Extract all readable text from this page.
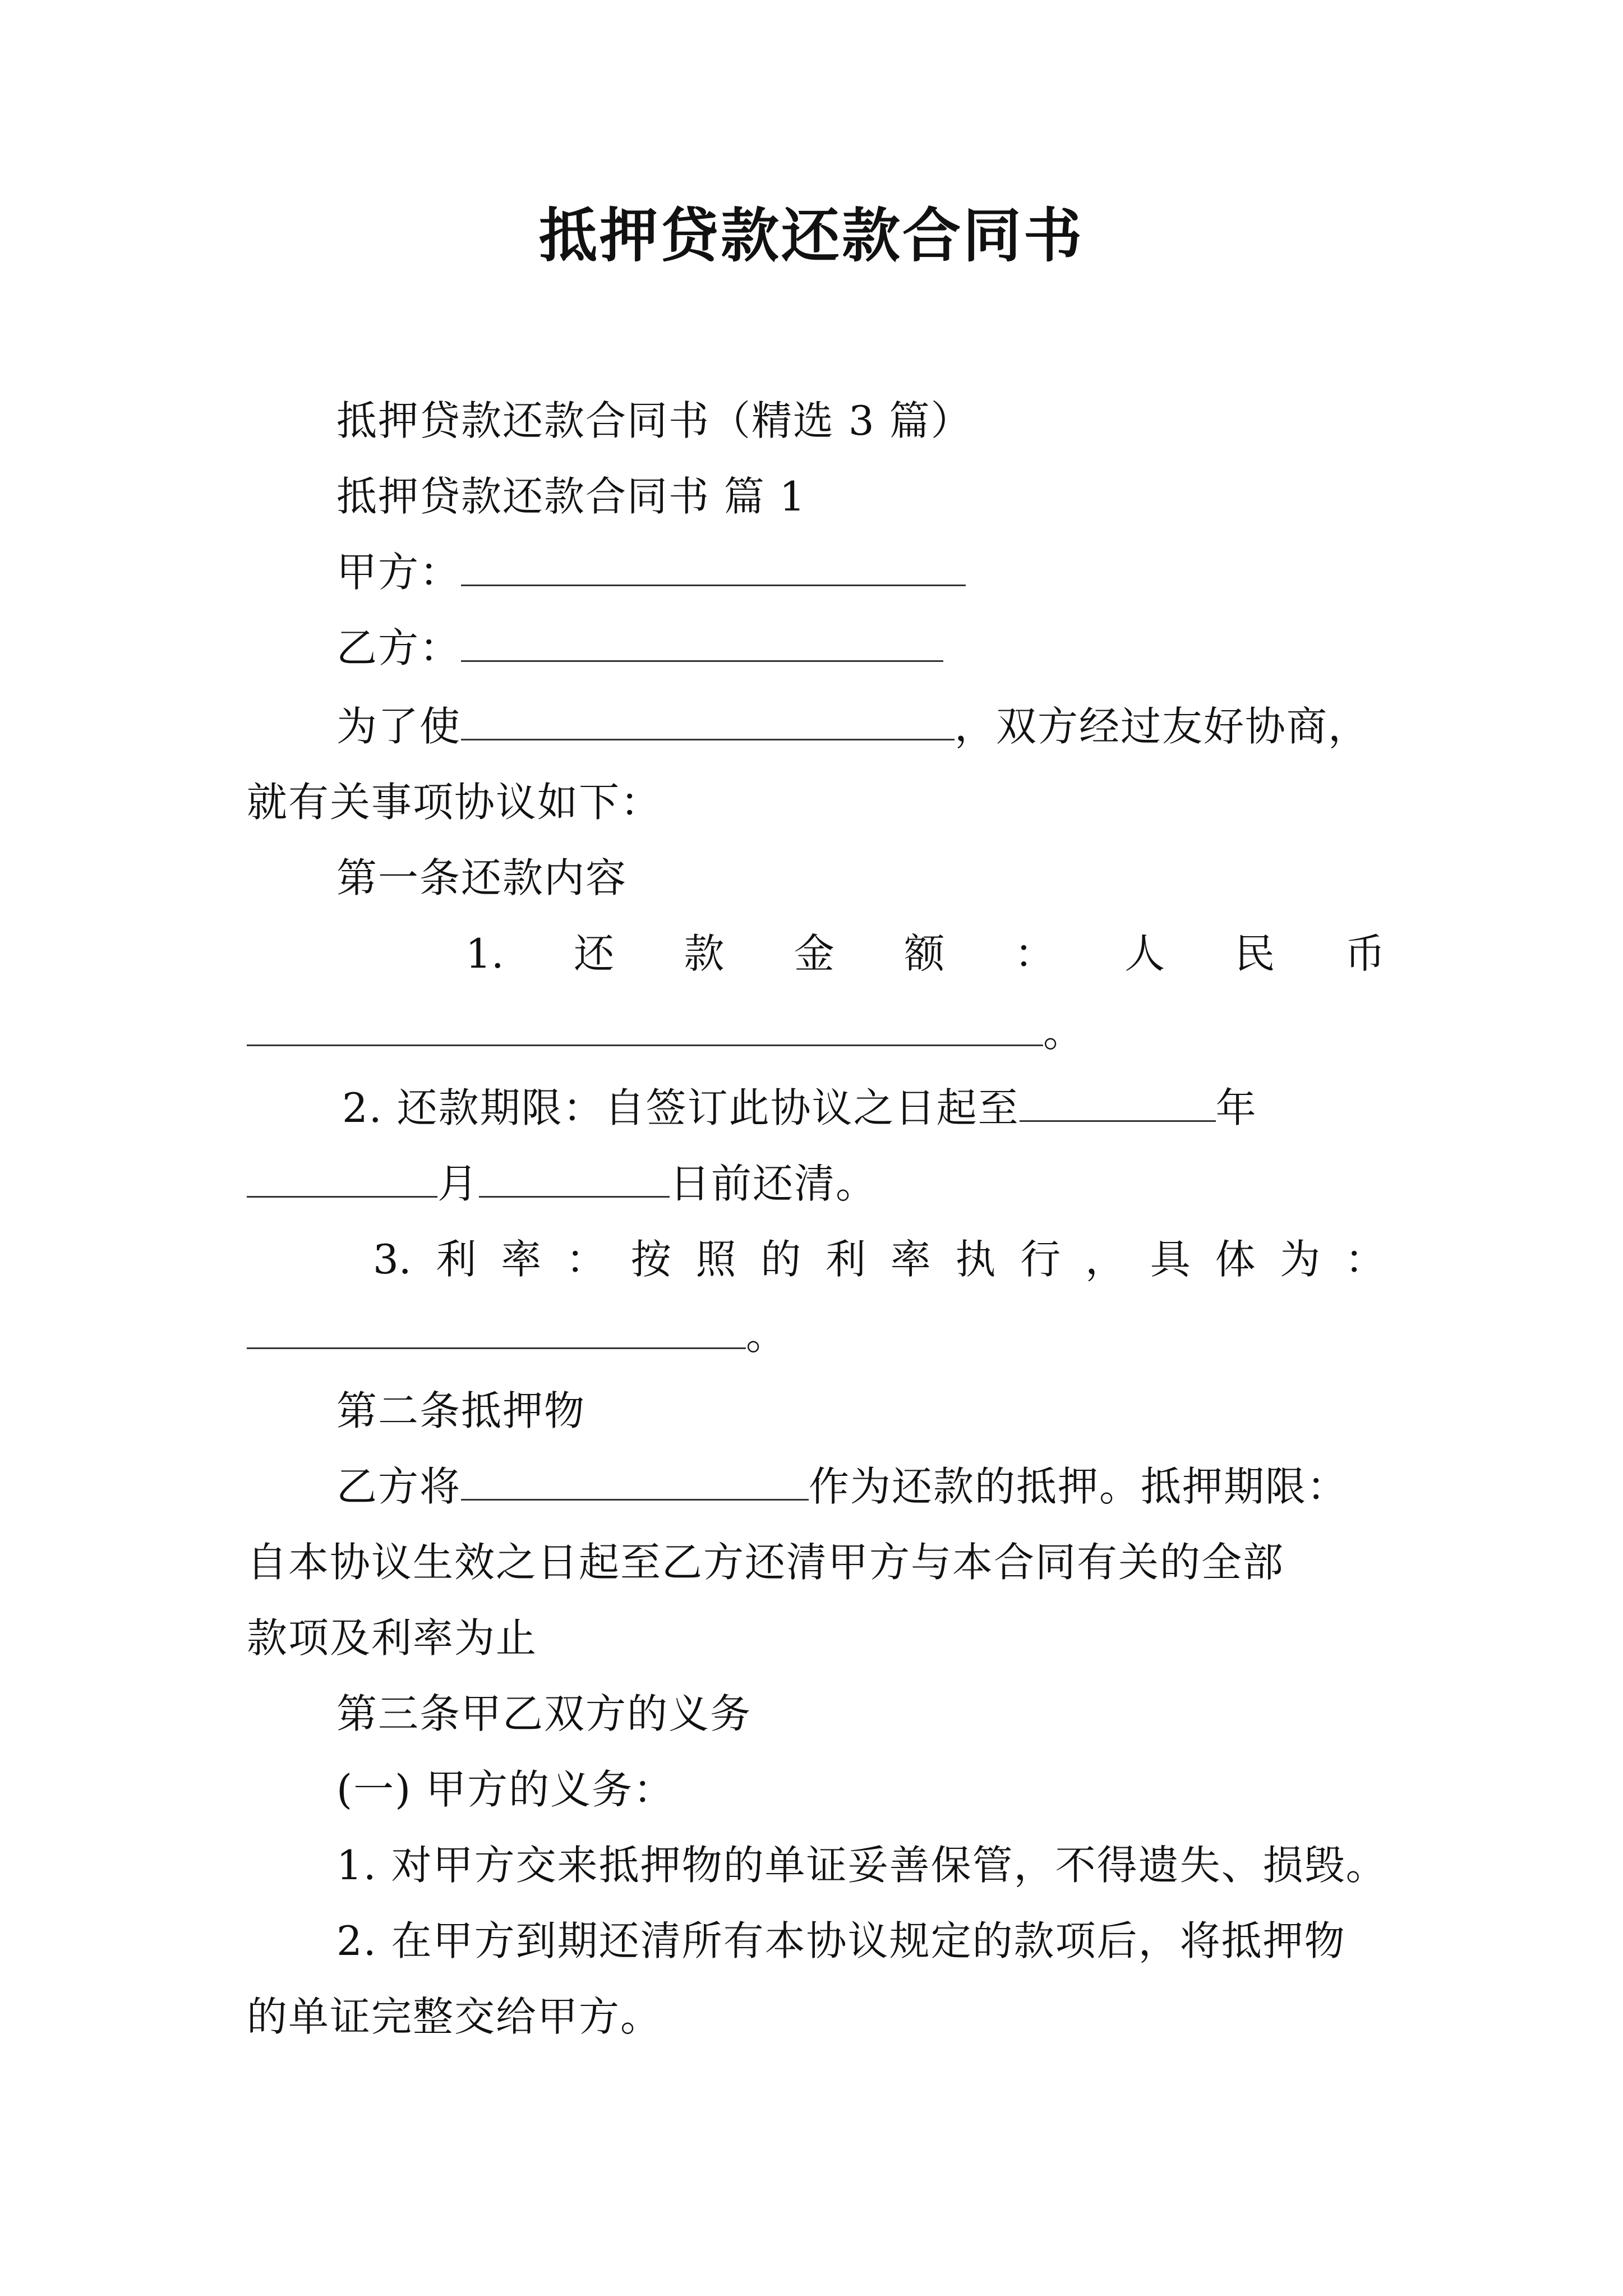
抵押贷款还款合同书
抵押贷款还款合同书（精选 3 篇）
抵押贷款还款合同书 篇 1
甲方：
乙方：
为了使	，双方经过友好协商，
就有关事项协议如下：
第一条还款内容
1. 还 款 金 额 ： 人 民 币
。
2. 还款期限：自签订此协议之日起至	年
月	日前还清。
3. 利 率 ： 按 照 的 利 率 执 行 ， 具 体 为 ：
。
第二条抵押物
乙方将	作为还款的抵押。抵押期限：
自本协议生效之日起至乙方还清甲方与本合同有关的全部
款项及利率为止
第三条甲乙双方的义务
(一) 甲方的义务：
1. 对甲方交来抵押物的单证妥善保管，不得遗失、损毁。
2. 在甲方到期还清所有本协议规定的款项后，将抵押物
的单证完整交给甲方。
